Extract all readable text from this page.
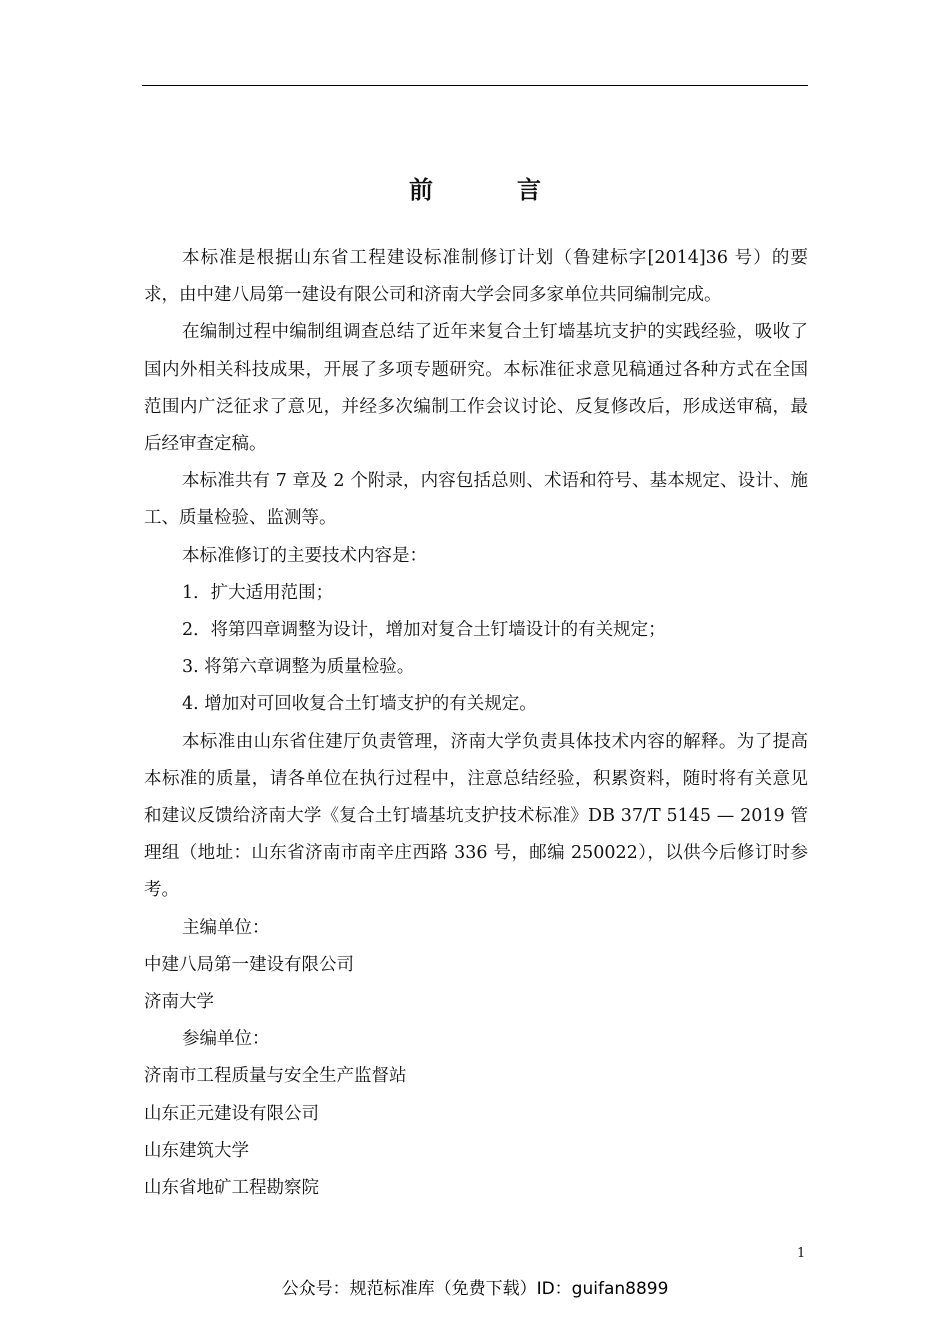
前　言

本标准是根据山东省工程建设标准制修订计划（鲁建标字[2014]36 号）的要求，由中建八局第一建设有限公司和济南大学会同多家单位共同编制完成。

在编制过程中编制组调查总结了近年来复合土钉墙基坑支护的实践经验，吸收了国内外相关科技成果，开展了多项专题研究。本标准征求意见稿通过各种方式在全国范围内广泛征求了意见，并经多次编制工作会议讨论、反复修改后，形成送审稿，最后经审查定稿。

本标准共有 7 章及 2 个附录，内容包括总则、术语和符号、基本规定、设计、施工、质量检验、监测等。

本标准修订的主要技术内容是：

1．扩大适用范围；

2．将第四章调整为设计，增加对复合土钉墙设计的有关规定；

3. 将第六章调整为质量检验。

4. 增加对可回收复合土钉墙支护的有关规定。

本标准由山东省住建厅负责管理，济南大学负责具体技术内容的解释。为了提高本标准的质量，请各单位在执行过程中，注意总结经验，积累资料，随时将有关意见和建议反馈给济南大学《复合土钉墙基坑支护技术标准》DB 37/T 5145 — 2019 管理组（地址：山东省济南市南辛庄西路 336 号，邮编 250022），以供今后修订时参考。

主编单位：

中建八局第一建设有限公司

济南大学

参编单位：

济南市工程质量与安全生产监督站

山东正元建设有限公司

山东建筑大学

山东省地矿工程勘察院

1
公众号：规范标准库（免费下载）ID：guifan8899
